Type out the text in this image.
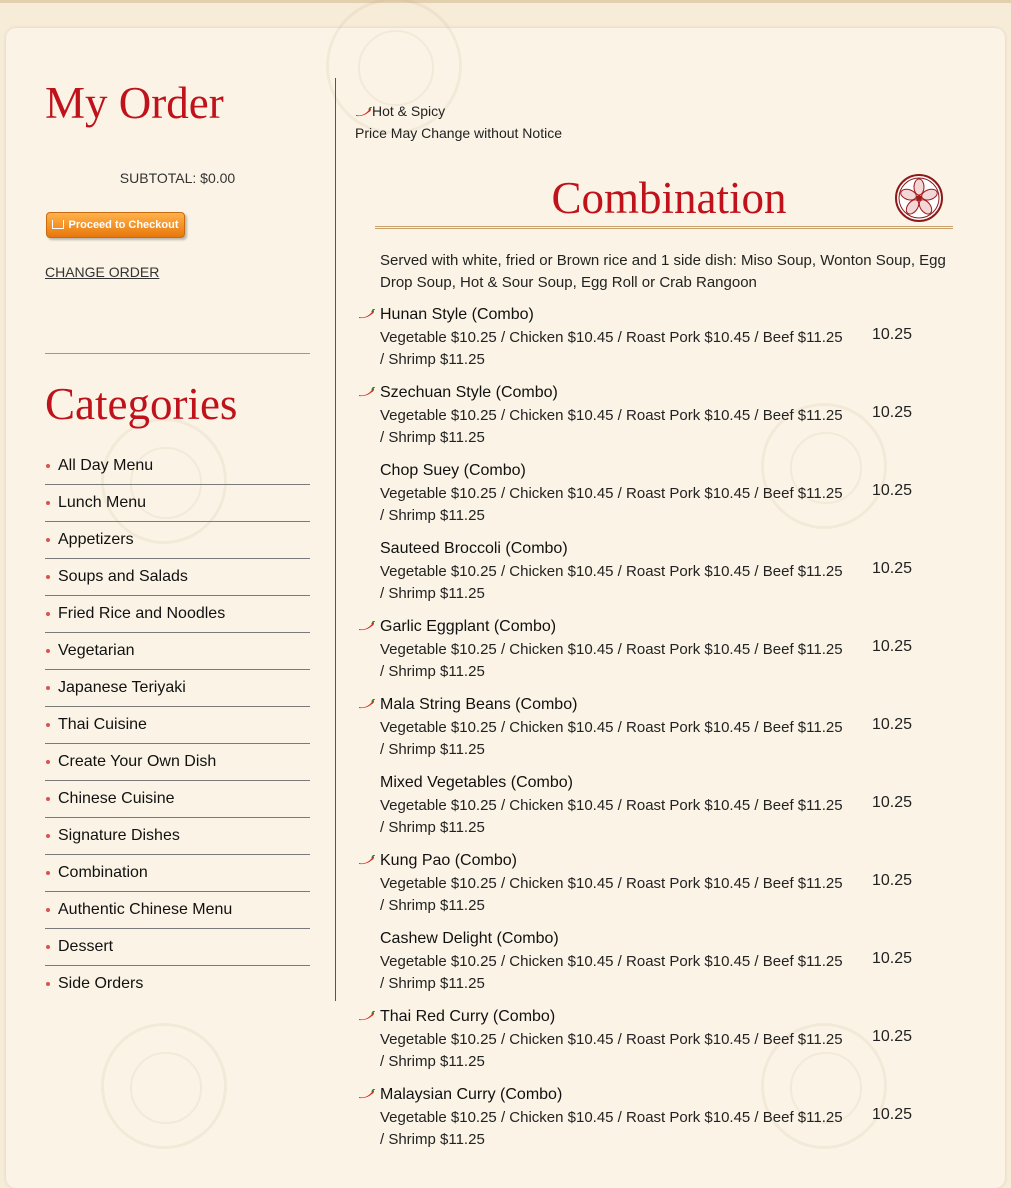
My Order
SUBTOTAL: $0.00
Proceed to Checkout
CHANGE ORDER
Categories
All Day Menu
Lunch Menu
Appetizers
Soups and Salads
Fried Rice and Noodles
Vegetarian
Japanese Teriyaki
Thai Cuisine
Create Your Own Dish
Chinese Cuisine
Signature Dishes
Combination
Authentic Chinese Menu
Dessert
Side Orders
Hot & Spicy
Price May Change without Notice
Combination
Served with white, fried or Brown rice and 1 side dish: Miso Soup, Wonton Soup, Egg Drop Soup, Hot & Sour Soup, Egg Roll or Crab Rangoon
Hunan Style (Combo)
Vegetable $10.25 / Chicken $10.45 / Roast Pork $10.45 / Beef $11.25 / Shrimp $11.25
10.25
Szechuan Style (Combo)
Vegetable $10.25 / Chicken $10.45 / Roast Pork $10.45 / Beef $11.25 / Shrimp $11.25
10.25
Chop Suey (Combo)
Vegetable $10.25 / Chicken $10.45 / Roast Pork $10.45 / Beef $11.25 / Shrimp $11.25
10.25
Sauteed Broccoli (Combo)
Vegetable $10.25 / Chicken $10.45 / Roast Pork $10.45 / Beef $11.25 / Shrimp $11.25
10.25
Garlic Eggplant (Combo)
Vegetable $10.25 / Chicken $10.45 / Roast Pork $10.45 / Beef $11.25 / Shrimp $11.25
10.25
Mala String Beans (Combo)
Vegetable $10.25 / Chicken $10.45 / Roast Pork $10.45 / Beef $11.25 / Shrimp $11.25
10.25
Mixed Vegetables (Combo)
Vegetable $10.25 / Chicken $10.45 / Roast Pork $10.45 / Beef $11.25 / Shrimp $11.25
10.25
Kung Pao (Combo)
Vegetable $10.25 / Chicken $10.45 / Roast Pork $10.45 / Beef $11.25 / Shrimp $11.25
10.25
Cashew Delight (Combo)
Vegetable $10.25 / Chicken $10.45 / Roast Pork $10.45 / Beef $11.25 / Shrimp $11.25
10.25
Thai Red Curry (Combo)
Vegetable $10.25 / Chicken $10.45 / Roast Pork $10.45 / Beef $11.25 / Shrimp $11.25
10.25
Malaysian Curry (Combo)
Vegetable $10.25 / Chicken $10.45 / Roast Pork $10.45 / Beef $11.25 / Shrimp $11.25
10.25
